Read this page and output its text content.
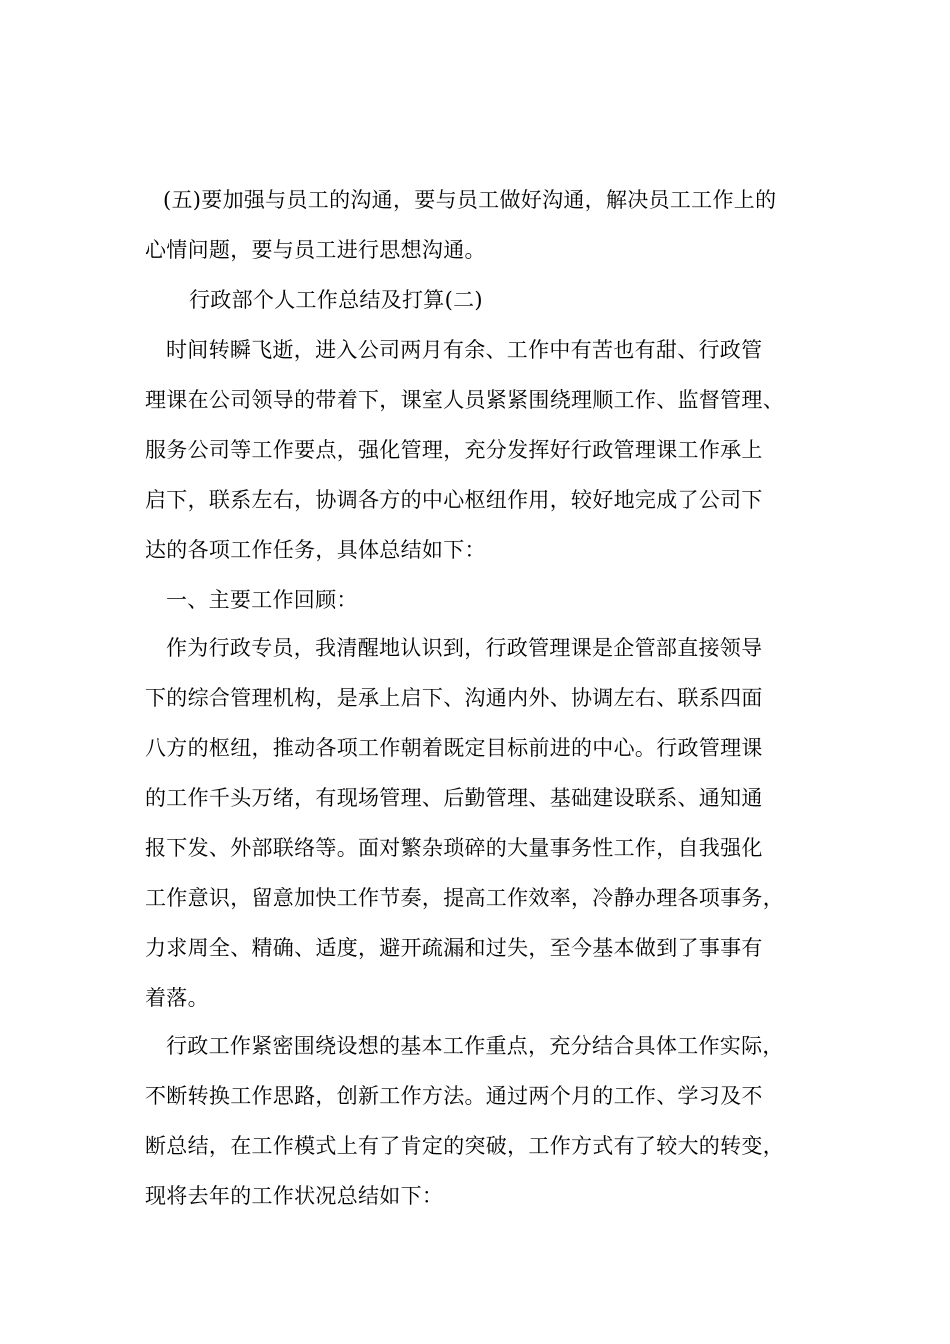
(五)要加强与员工的沟通，要与员工做好沟通，解决员工工作上的
心情问题，要与员工进行思想沟通。
行政部个人工作总结及打算(二)
时间转瞬飞逝，进入公司两月有余、工作中有苦也有甜、行政管
理课在公司领导的带着下，课室人员紧紧围绕理顺工作、监督管理、
服务公司等工作要点，强化管理，充分发挥好行政管理课工作承上
启下，联系左右，协调各方的中心枢纽作用，较好地完成了公司下
达的各项工作任务，具体总结如下：
一、主要工作回顾：
作为行政专员，我清醒地认识到，行政管理课是企管部直接领导
下的综合管理机构，是承上启下、沟通内外、协调左右、联系四面
八方的枢纽，推动各项工作朝着既定目标前进的中心。行政管理课
的工作千头万绪，有现场管理、后勤管理、基础建设联系、通知通
报下发、外部联络等。面对繁杂琐碎的大量事务性工作，自我强化
工作意识，留意加快工作节奏，提高工作效率，冷静办理各项事务，
力求周全、精确、适度，避开疏漏和过失，至今基本做到了事事有
着落。
行政工作紧密围绕设想的基本工作重点，充分结合具体工作实际，
不断转换工作思路，创新工作方法。通过两个月的工作、学习及不
断总结，在工作模式上有了肯定的突破，工作方式有了较大的转变，
现将去年的工作状况总结如下：
